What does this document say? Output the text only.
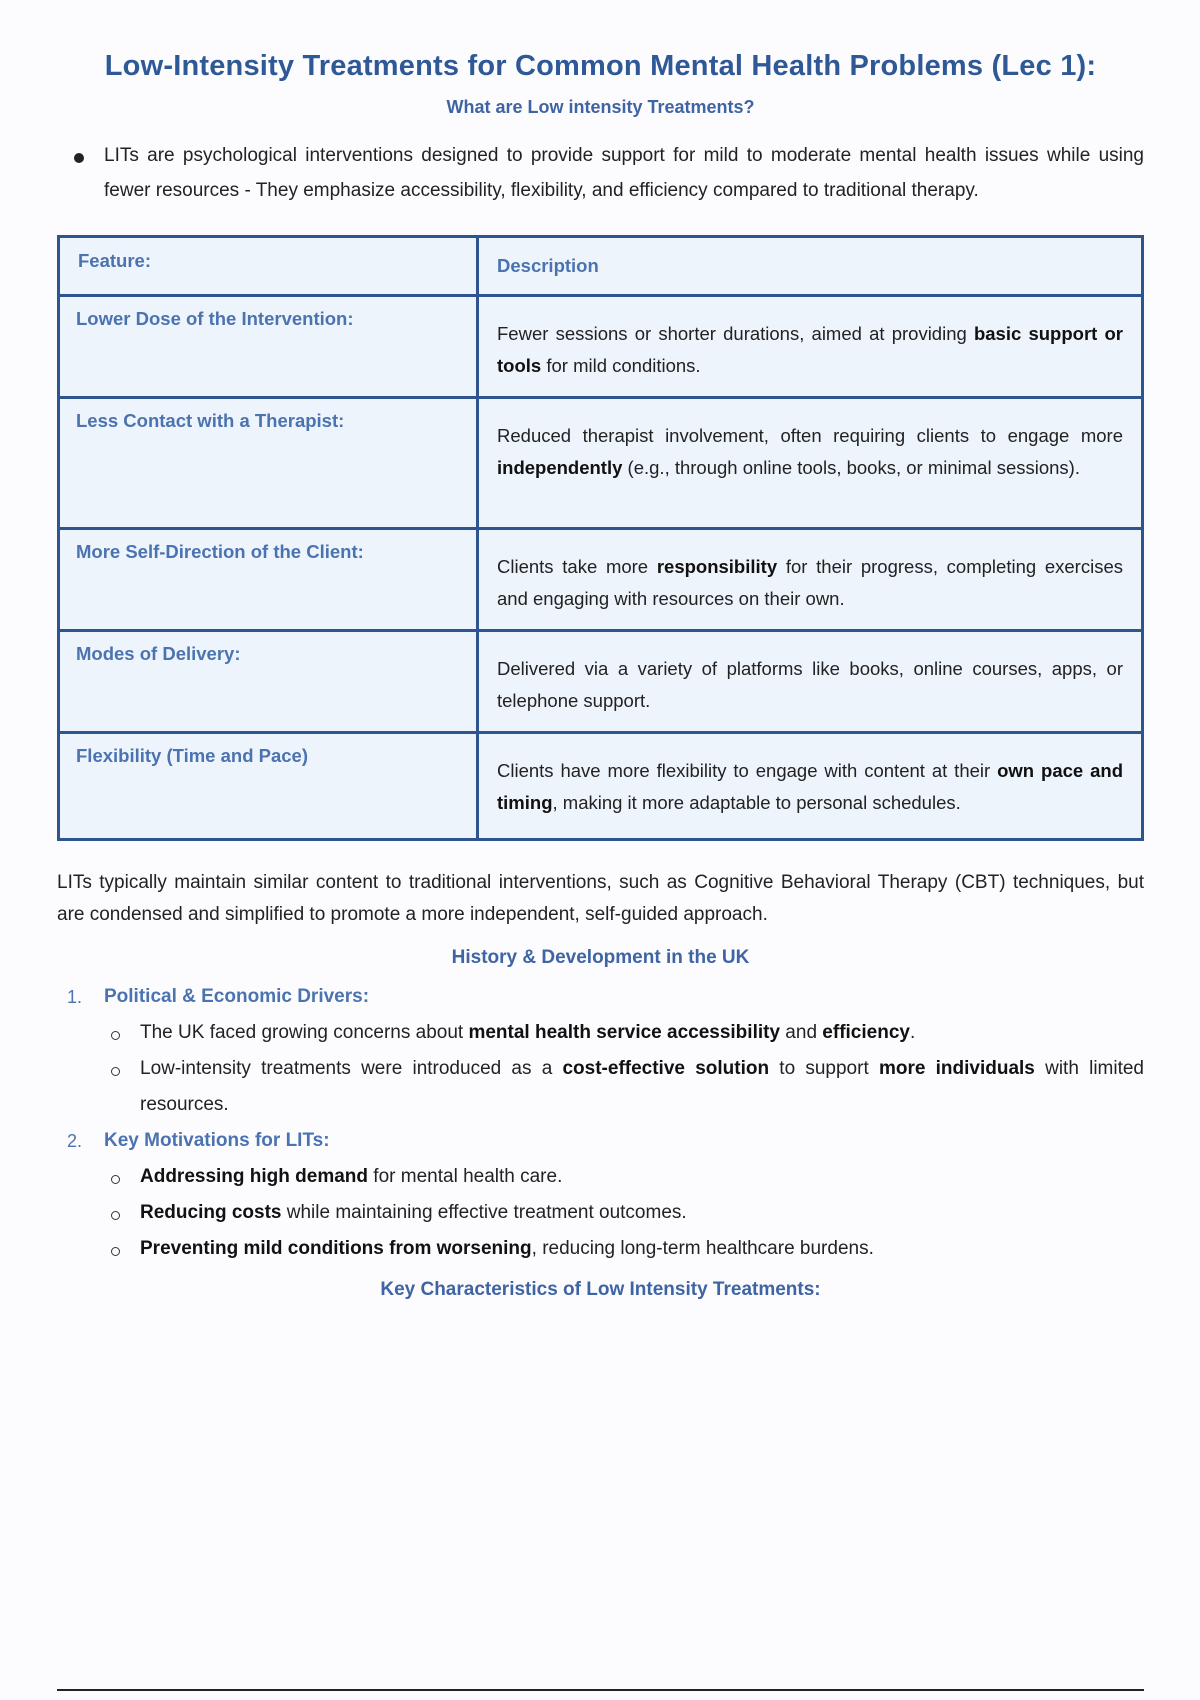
Low-Intensity Treatments for Common Mental Health Problems (Lec 1):
What are Low intensity Treatments?
LITs are psychological interventions designed to provide support for mild to moderate mental health issues while using fewer resources - They emphasize accessibility, flexibility, and efficiency compared to traditional therapy.
Feature:	Description
Lower Dose of the Intervention:	Fewer sessions or shorter durations, aimed at providing basic support or tools for mild conditions.
Less Contact with a Therapist:	Reduced therapist involvement, often requiring clients to engage more independently (e.g., through online tools, books, or minimal sessions).
More Self-Direction of the Client:	Clients take more responsibility for their progress, completing exercises and engaging with resources on their own.
Modes of Delivery:	Delivered via a variety of platforms like books, online courses, apps, or telephone support.
Flexibility (Time and Pace)	Clients have more flexibility to engage with content at their own pace and timing, making it more adaptable to personal schedules.
LITs typically maintain similar content to traditional interventions, such as Cognitive Behavioral Therapy (CBT) techniques, but are condensed and simplified to promote a more independent, self-guided approach.
History & Development in the UK
1. Political & Economic Drivers:
The UK faced growing concerns about mental health service accessibility and efficiency.
Low-intensity treatments were introduced as a cost-effective solution to support more individuals with limited resources.
2. Key Motivations for LITs:
Addressing high demand for mental health care.
Reducing costs while maintaining effective treatment outcomes.
Preventing mild conditions from worsening, reducing long-term healthcare burdens.
Key Characteristics of Low Intensity Treatments:
